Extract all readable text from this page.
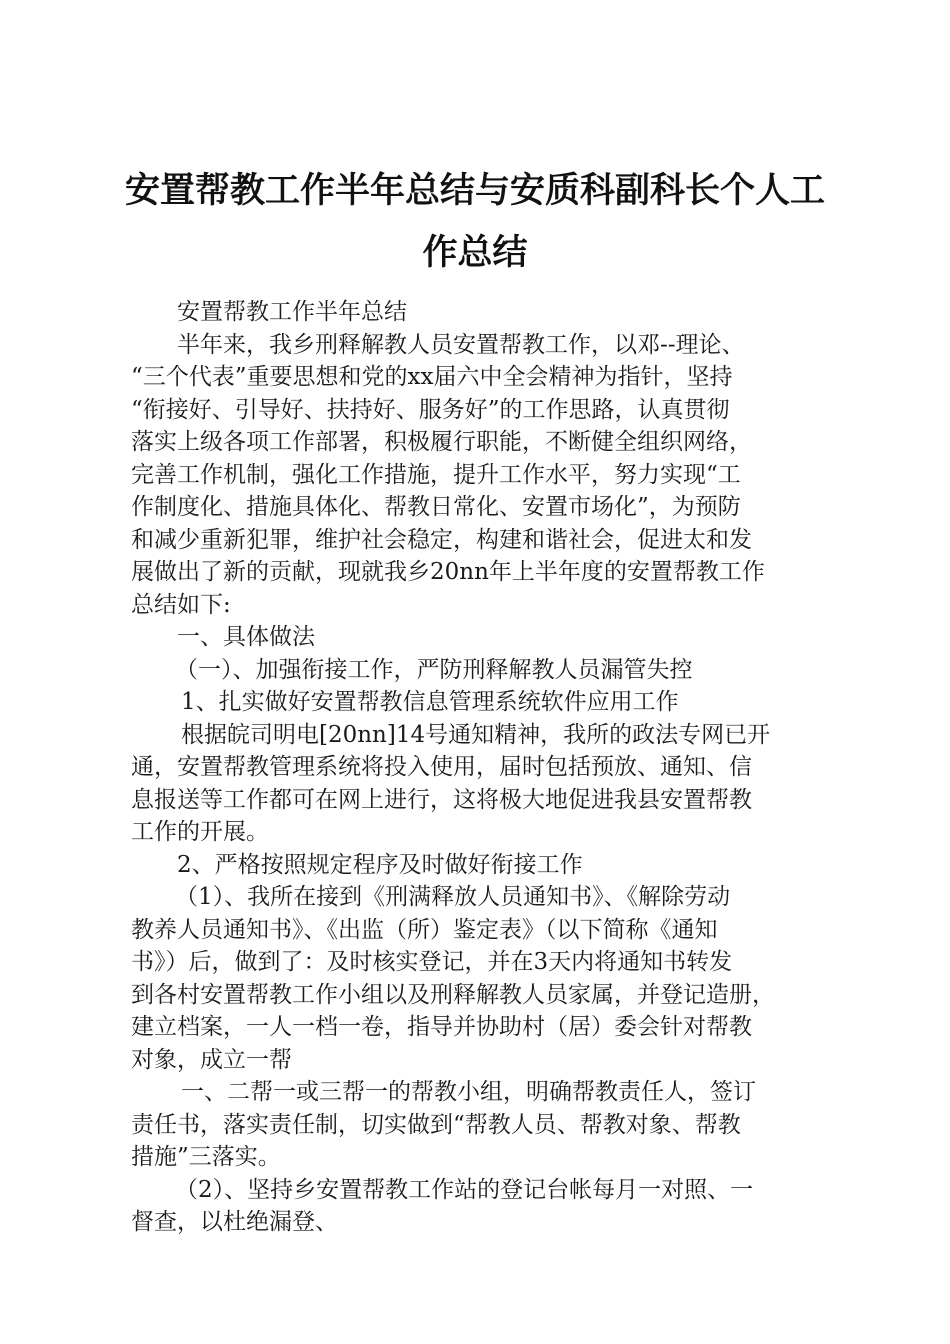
安置帮教工作半年总结与安质科副科长个人工
作总结
安置帮教工作半年总结
半年来，我乡刑释解教人员安置帮教工作，以邓--理论、
“三个代表”重要思想和党的xx届六中全会精神为指针，坚持
“衔接好、引导好、扶持好、服务好”的工作思路，认真贯彻
落实上级各项工作部署，积极履行职能，不断健全组织网络，
完善工作机制，强化工作措施，提升工作水平，努力实现“工
作制度化、措施具体化、帮教日常化、安置市场化”，为预防
和减少重新犯罪，维护社会稳定，构建和谐社会，促进太和发
展做出了新的贡献，现就我乡20nn年上半年度的安置帮教工作
总结如下:
一、具体做法
（一）、加强衔接工作，严防刑释解教人员漏管失控
1、扎实做好安置帮教信息管理系统软件应用工作
根据皖司明电[20nn]14号通知精神，我所的政法专网已开
通，安置帮教管理系统将投入使用，届时包括预放、通知、信
息报送等工作都可在网上进行，这将极大地促进我县安置帮教
工作的开展。
2、严格按照规定程序及时做好衔接工作
（1）、我所在接到《刑满释放人员通知书》、《解除劳动
教养人员通知书》、《出监（所）鉴定表》（以下简称《通知
书》）后，做到了：及时核实登记，并在3天内将通知书转发
到各村安置帮教工作小组以及刑释解教人员家属，并登记造册，
建立档案，一人一档一卷，指导并协助村（居）委会针对帮教
对象，成立一帮
一、二帮一或三帮一的帮教小组，明确帮教责任人，签订
责任书，落实责任制，切实做到“帮教人员、帮教对象、帮教
措施”三落实。
（2）、坚持乡安置帮教工作站的登记台帐每月一对照、一
督查，以杜绝漏登、
